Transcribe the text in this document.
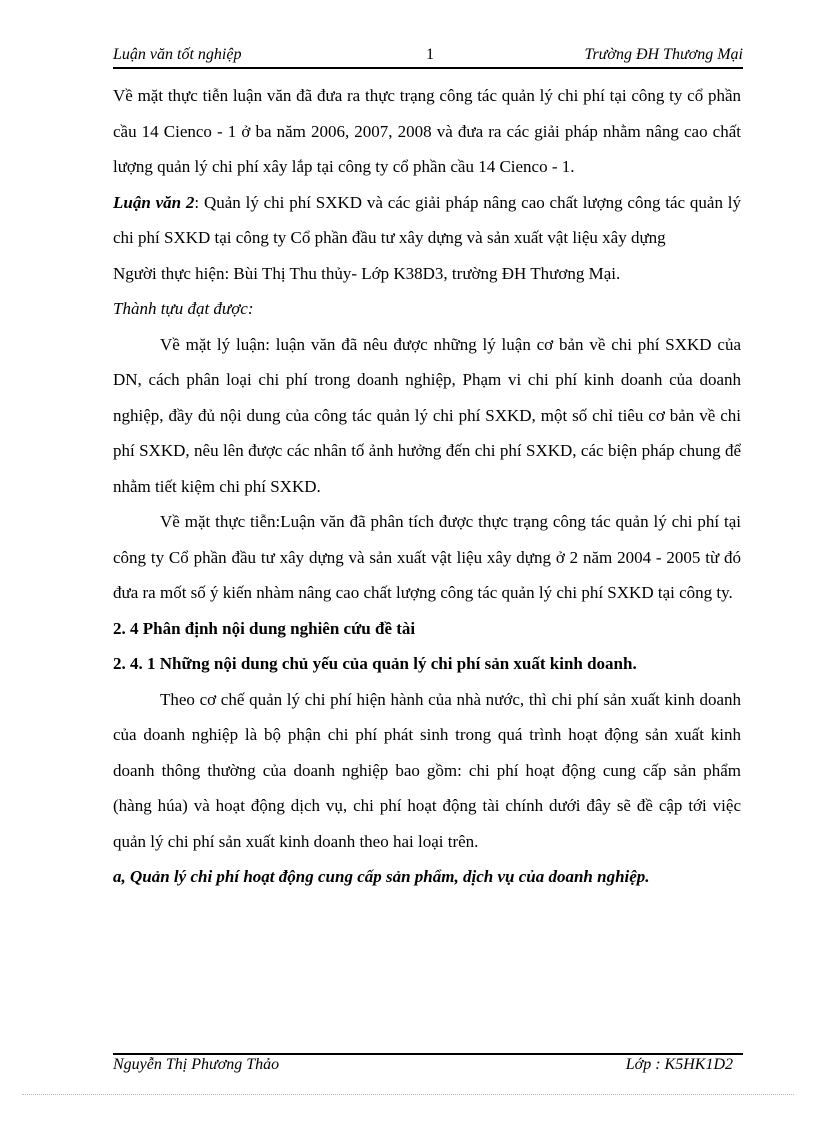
Luận văn tốt nghiệp	1	Trường ĐH Thương Mại

Về mặt thực tiễn luận văn đã đưa ra thực trạng công tác quản lý chi phí tại công ty cổ phần cầu 14 Cienco - 1 ở ba năm 2006, 2007, 2008 và đưa ra các giải pháp nhằm nâng cao chất lượng quản lý chi phí xây lắp tại công ty cổ phần cầu 14 Cienco - 1.

Luận văn 2: Quản lý chi phí SXKD và các giải pháp nâng cao chất lượng công tác quản lý chi phí SXKD tại công ty Cổ phần đầu tư xây dựng và sản xuất vật liệu xây dựng

Người thực hiện: Bùi Thị Thu thủy- Lớp K38D3, trường ĐH Thương Mại.

Thành tựu đạt được:

Về mặt lý luận: luận văn đã nêu được những lý luận cơ bản về chi phí SXKD của DN, cách phân loại chi phí trong doanh nghiệp, Phạm vi chi phí kinh doanh của doanh nghiệp, đầy đủ nội dung của công tác quản lý chi phí SXKD, một số chỉ tiêu cơ bản về chi phí SXKD, nêu lên được các nhân tố ảnh hưởng đến chi phí SXKD, các biện pháp chung để nhằm tiết kiệm chi phí SXKD.

Về mặt thực tiễn:Luận văn đã phân tích được thực trạng công tác quản lý chi phí tại công ty Cổ phần đầu tư xây dựng và sản xuất vật liệu xây dựng ở 2 năm 2004 - 2005 từ đó đưa ra mốt số ý kiến nhàm nâng cao chất lượng công tác quản lý chi phí SXKD tại công ty.

2. 4 Phân định nội dung nghiên cứu đề tài

2. 4. 1 Những nội dung chủ yếu của quản lý chi phí sản xuất kinh doanh.

Theo cơ chế quản lý chi phí hiện hành của nhà nước, thì chi phí sản xuất kinh doanh của doanh nghiệp là bộ phận chi phí phát sinh trong quá trình hoạt động sản xuất kinh doanh thông thường của doanh nghiệp bao gồm: chi phí hoạt động cung cấp sản phẩm (hàng húa) và hoạt động dịch vụ, chi phí hoạt động tài chính dưới đây sẽ đề cập tới việc quản lý chi phí sản xuất kinh doanh theo hai loại trên.

a, Quản lý chi phí hoạt động cung cấp sản phẩm, dịch vụ của doanh nghiệp.

Nguyễn Thị Phương Thảo	Lớp : K5HK1D2
